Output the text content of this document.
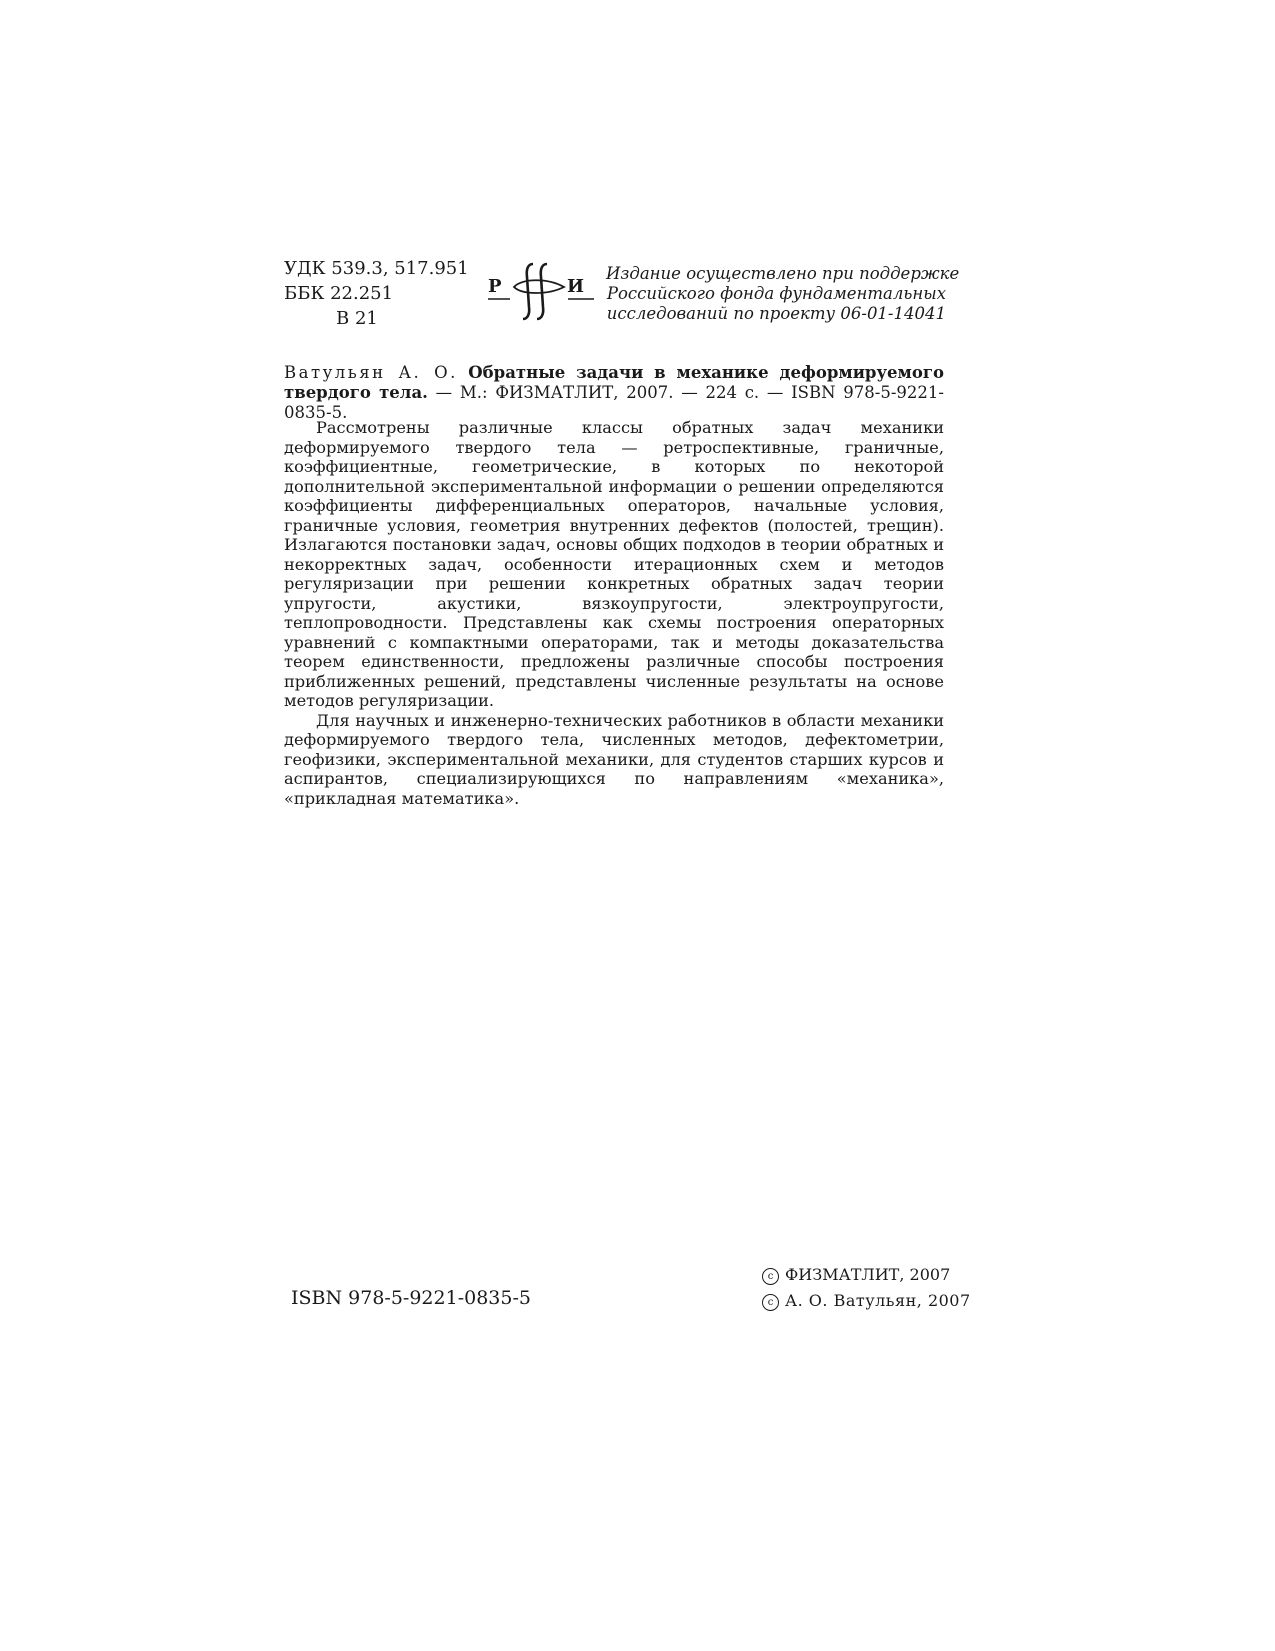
УДК 539.3, 517.951
ББК 22.251
В 21
Р	И
Издание осуществлено при поддержке
Российского фонда фундаментальных
исследований по проекту 06-01-14041
Ватульян А. О. Обратные задачи в механике деформируемого твердого тела. — М.: ФИЗМАТЛИТ, 2007. — 224 с. — ISBN 978-5-9221-0835-5.

Рассмотрены различные классы обратных задач механики деформируемого твердого тела — ретроспективные, граничные, коэффициентные, геометрические, в которых по некоторой дополнительной экспериментальной информации о решении определяются коэффициенты дифференциальных операторов, начальные условия, граничные условия, геометрия внутренних дефектов (полостей, трещин). Излагаются постановки задач, основы общих подходов в теории обратных и некорректных задач, особенности итерационных схем и методов регуляризации при решении конкретных обратных задач теории упругости, акустики, вязкоупругости, электроупругости, теплопроводности. Представлены как схемы построения операторных уравнений с компактными операторами, так и методы доказательства теорем единственности, предложены различные способы построения приближенных решений, представлены численные результаты на основе методов регуляризации.

Для научных и инженерно-технических работников в области механики деформируемого твердого тела, численных методов, дефектометрии, геофизики, экспериментальной механики, для студентов старших курсов и аспирантов, специализирующихся по направлениям «механика», «прикладная математика».

ISBN 978-5-9221-0835-5
c ФИЗМАТЛИТ, 2007
c А. О. Ватульян, 2007
